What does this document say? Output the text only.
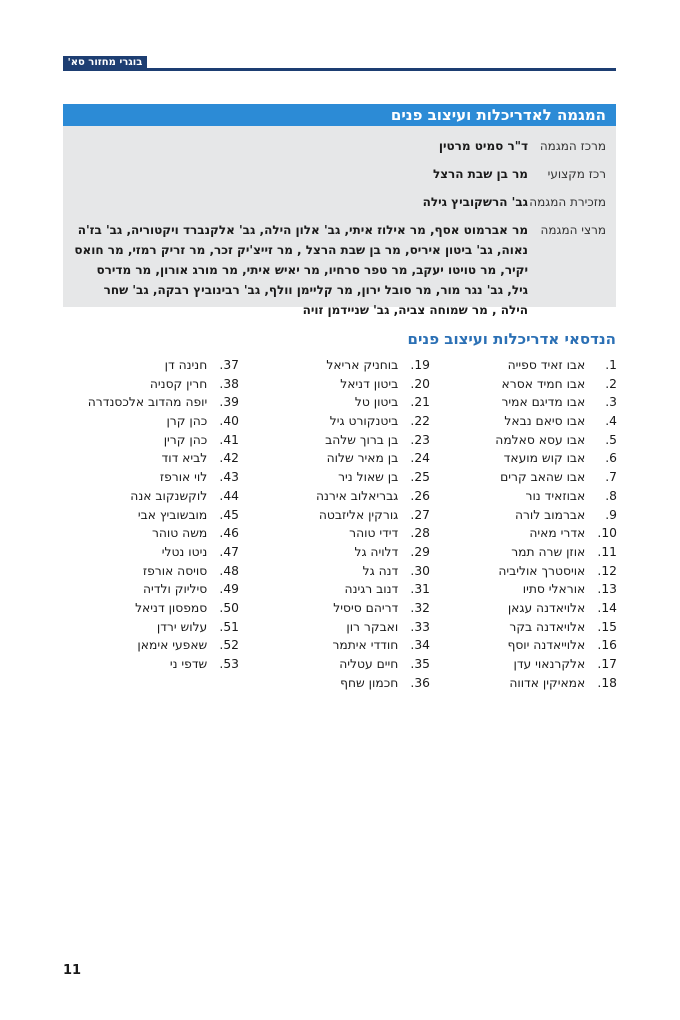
בוגרי מחזור סא'
המגמה לאדריכלות ועיצוב פנים
מרכז המגמה
ד"ר סמיט מרטין
רכז מקצועי
מר בן שבת הרצל
מזכירת המגמה
גב' הרשקוביץ גילה
מרצי המגמה
מר אברמוט אסף, מר אילוז איתי, גב' אלון הילה, גב' אלקנברד ויקטוריה, גב' בז'ה נאוה, גב' ביטון איריס, מר בן שבת הרצל , מר זייצ'יק זכר, מר זריק רמזי, מר חואס יקיר, מר טויטו יעקב, מר טפר סרחיו, מר יאיש איתי, מר מורג אורון, מר מדירס גיל, גב' נגר מור, מר סובל ירון, מר קליימן וולף, גב' רבינוביץ רבקה, גב' שחר הילה , מר שמוחה צביה, גב' שניידמן זויה
הנדסאי אדריכלות ועיצוב פנים
1.   אבו זאיד ספייה
2.   אבו חמיד אסרא
3.   אבו מדיגם אמיר
4.   אבו סיאם נבאל
5.   אבו עסא סאלמה
6.   אבו קוש מועאד
7.   אבו שהאב קרים
8.   אבוזאיד נור
9.   אברמוב לורה
10.   אדרי מאיה
11.   אוזן שרה תמר
12.   אויסטרך אוליביה
13.   אוראלי סתיו
14.   אלויאדנה עגאן
15.   אלויאדנה בקר
16.   אלוייאדנה יוסף
17.   אלקרנאוי עדן
18.   אמאיקין אדווה
19.   בוחניק אריאל
20.   ביטון דניאל
21.   ביטון טל
22.   ביטנקורט גיל
23.   בן ברוך שלהב
24.   בן מאיר שלוה
25.   בן שאול ניר
26.   גבריאלוב אירנה
27.   גורקין אליזבטה
28.   דידי טוהר
29.   דלויה גל
30.   דנה גל
31.   דנוב רגינה
32.   דריהם סיסיל
33.   ואבקר רון
34.   חודדי איתמר
35.   חיים עטליה
36.   חכמון שחף
37.   חנינה דן
38.   חרין קסניה
39.   יופה מהדוב אלכסנדרה
40.   כהן קרן
41.   כהן קרין
42.   לביא דוד
43.   לוי אורפז
44.   לוקשנקוב אנה
45.   מובשוביץ אבי
46.   משה טוהר
47.   ניטו נטלי
48.   סויסה אורפז
49.   סיליוק ולדיה
50.   סמפסון דניאל
51.   עלוש ירדן
52.   שאפעי אימאן
53.   שדפי ני
11
